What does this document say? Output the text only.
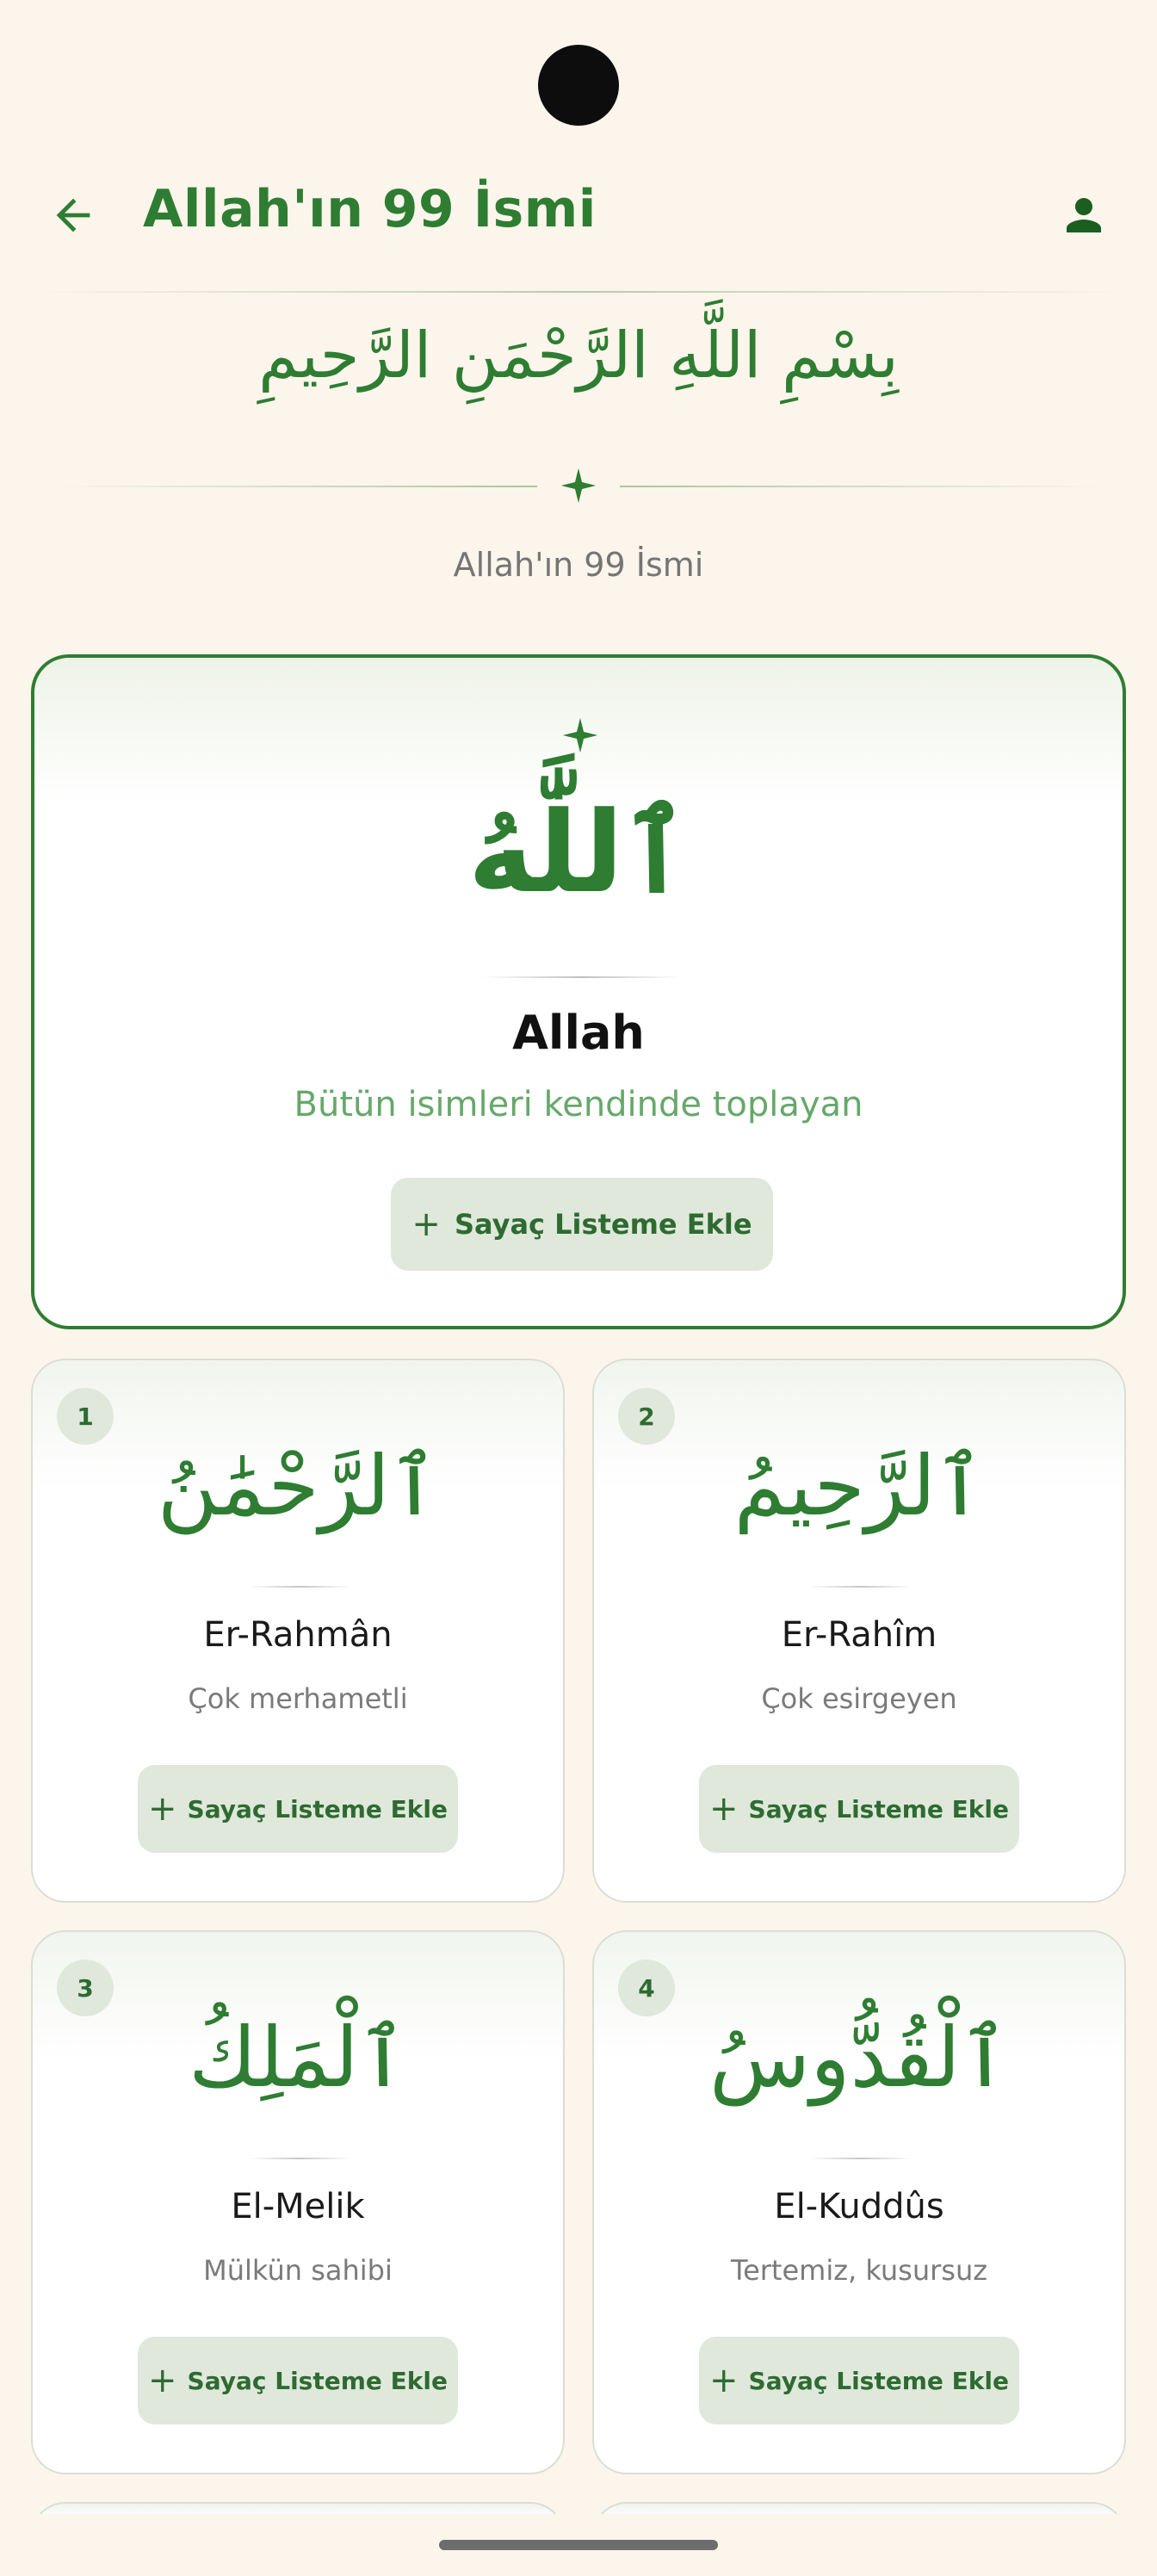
Allah'ın 99 İsmi
بِسْمِ اللَّهِ الرَّحْمَنِ الرَّحِيمِ
Allah'ın 99 İsmi
ٱللَّٰهُ
Allah
Bütün isimleri kendinde toplayan
+ Sayaç Listeme Ekle
1
ٱلرَّحْمَٰنُ
Er-Rahmân
Çok merhametli
+ Sayaç Listeme Ekle
2
ٱلرَّحِيمُ
Er-Rahîm
Çok esirgeyen
+ Sayaç Listeme Ekle
3
ٱلْمَلِكُ
El-Melik
Mülkün sahibi
+ Sayaç Listeme Ekle
4
ٱلْقُدُّوسُ
El-Kuddûs
Tertemiz, kusursuz
+ Sayaç Listeme Ekle
